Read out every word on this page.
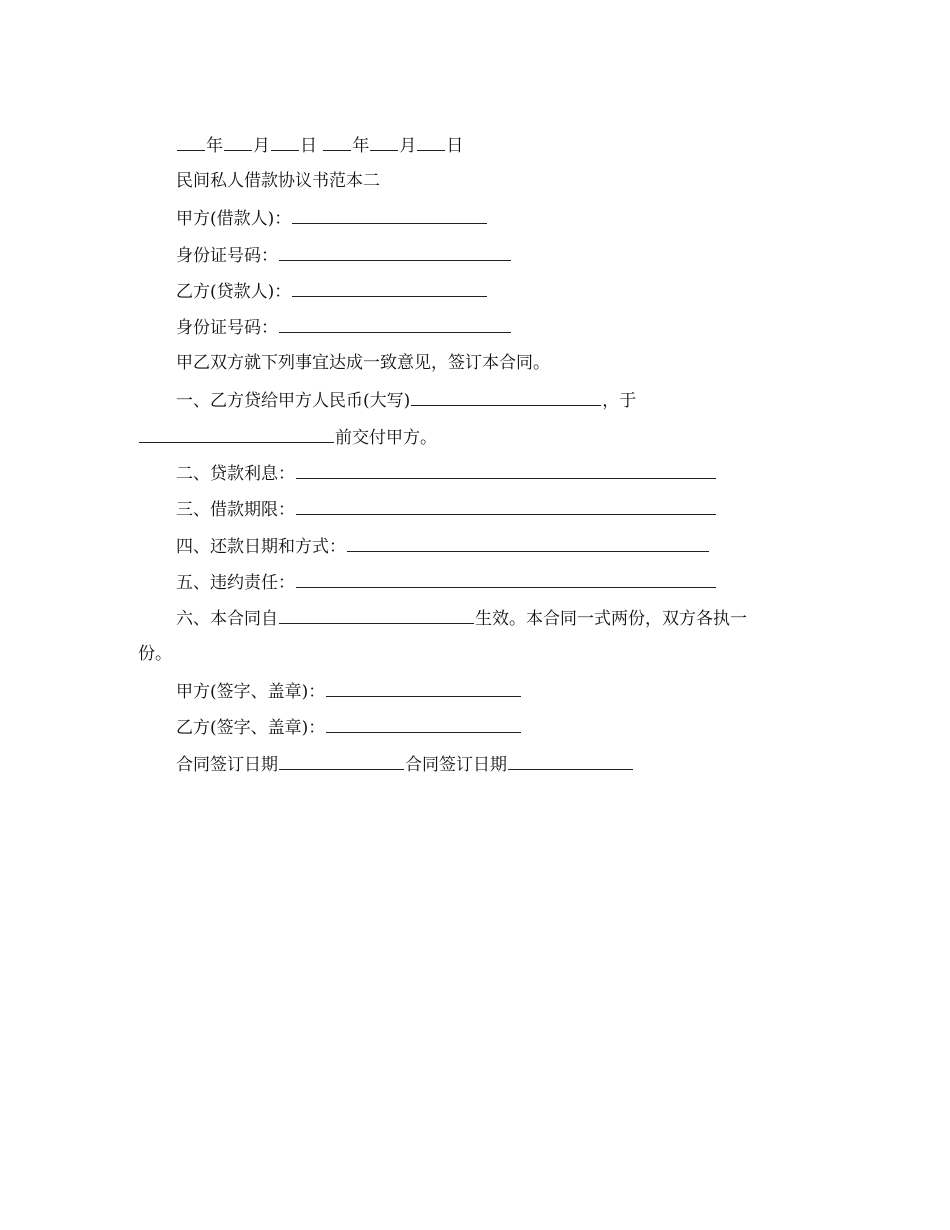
年 月 日 年 月 日
民间私人借款协议书范本二
甲方(借款人)：
身份证号码：
乙方(贷款人)：
身份证号码：
甲乙双方就下列事宜达成一致意见，签订本合同。
一、乙方贷给甲方人民币(大写)	，于
前交付甲方。
二、贷款利息：
三、借款期限：
四、还款日期和方式：
五、违约责任：
六、本合同自	生效。本合同一式两份，双方各执一
份。
甲方(签字、盖章)：
乙方(签字、盖章)：
合同签订日期	合同签订日期
